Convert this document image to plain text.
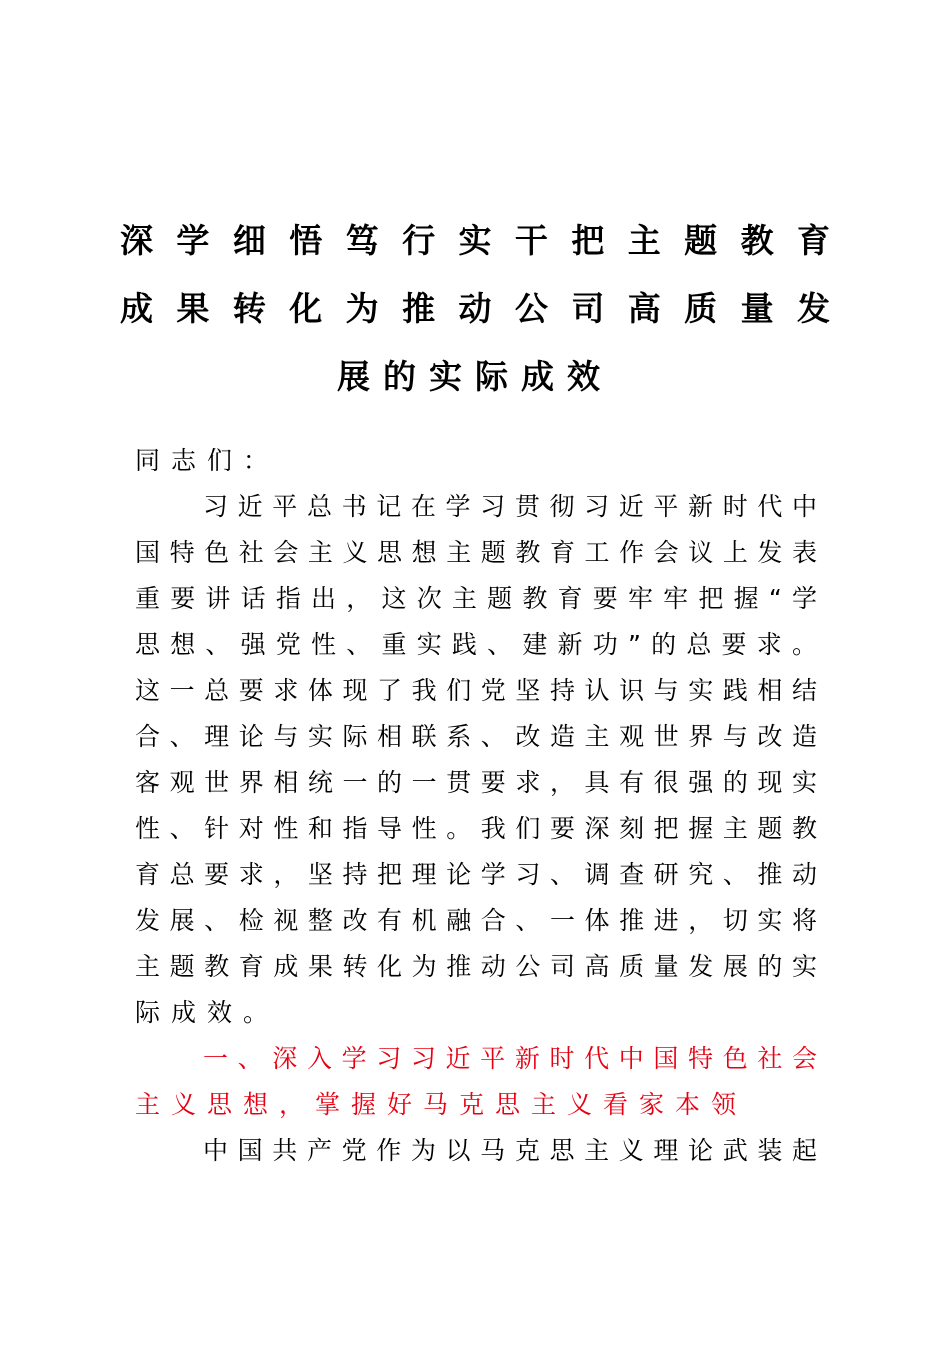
深学细悟笃行实干把主题教育
成果转化为推动公司高质量发
展的实际成效
同志们：
习近平总书记在学习贯彻习近平新时代中
国特色社会主义思想主题教育工作会议上发表
重要讲话指出，这次主题教育要牢牢把握“学
思想、强党性、重实践、建新功”的总要求。
这一总要求体现了我们党坚持认识与实践相结
合、理论与实际相联系、改造主观世界与改造
客观世界相统一的一贯要求，具有很强的现实
性、针对性和指导性。我们要深刻把握主题教
育总要求，坚持把理论学习、调查研究、推动
发展、检视整改有机融合、一体推进，切实将
主题教育成果转化为推动公司高质量发展的实
际成效。
一、深入学习习近平新时代中国特色社会
主义思想，掌握好马克思主义看家本领
中国共产党作为以马克思主义理论武装起
